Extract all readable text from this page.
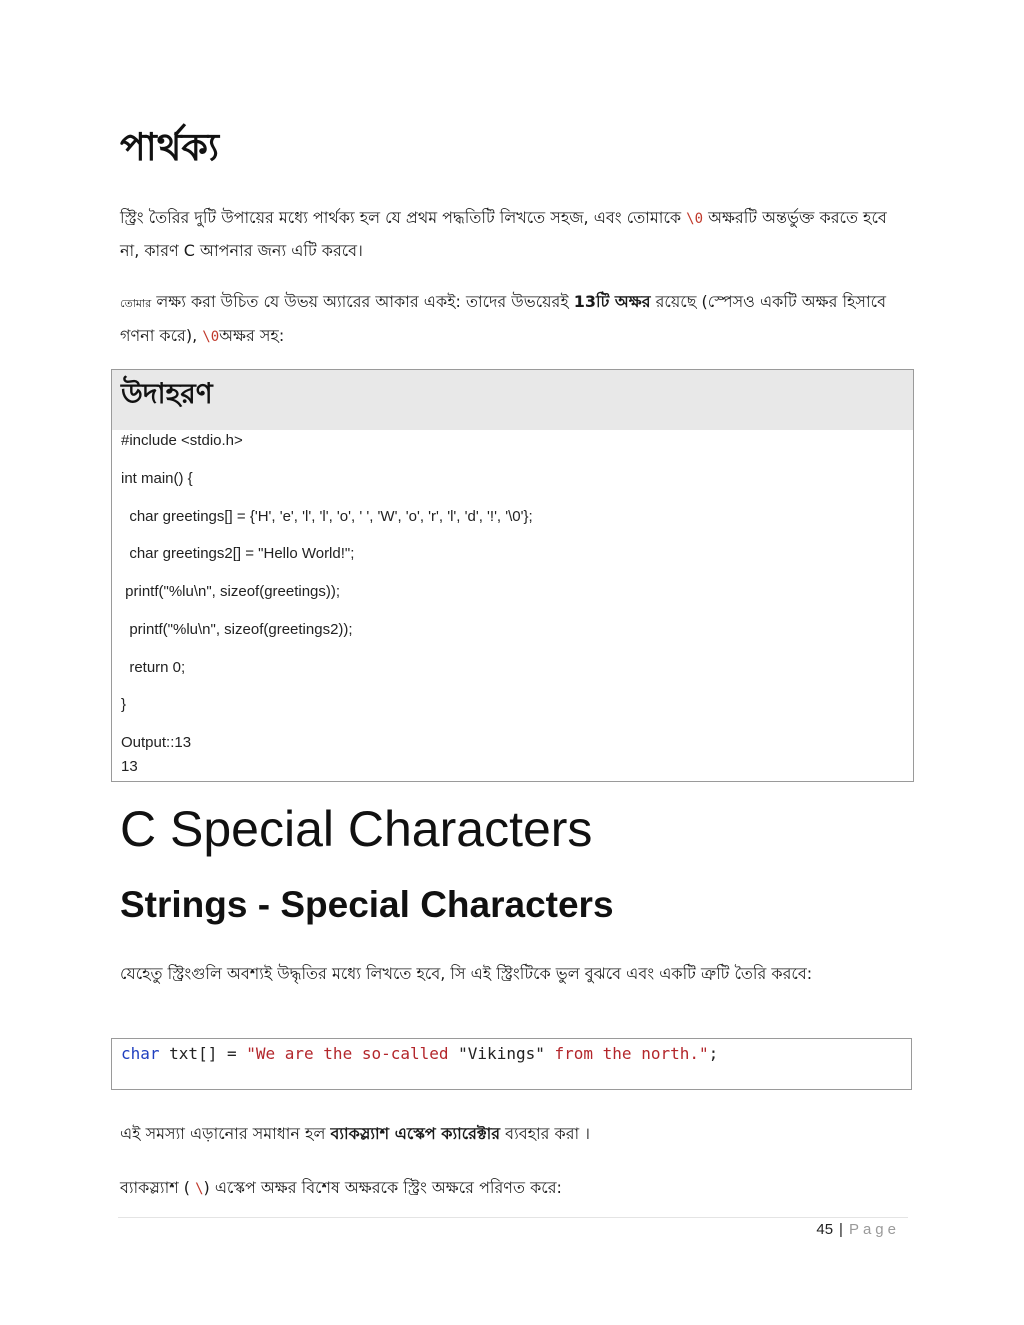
পার্থক্য

স্ট্রিং তৈরির দুটি উপায়ের মধ্যে পার্থক্য হল যে প্রথম পদ্ধতিটি লিখতে সহজ, এবং তোমাকে \0 অক্ষরটি অন্তর্ভুক্ত করতে হবে না, কারণ C আপনার জন্য এটি করবে।

তোমার লক্ষ্য করা উচিত যে উভয় অ্যারের আকার একই: তাদের উভয়েরই 13টি অক্ষর রয়েছে (স্পেসও একটি অক্ষর হিসাবে গণনা করে), \0অক্ষর সহ:

উদাহরণ

#include <stdio.h>

int main() {

char greetings[] = {'H', 'e', 'l', 'l', 'o', ' ', 'W', 'o', 'r', 'l', 'd', '!', '\0'};

char greetings2[] = "Hello World!";

printf("%lu\n", sizeof(greetings));

printf("%lu\n", sizeof(greetings2));

return 0;

}

Output::13

13

C Special Characters
Strings - Special Characters

যেহেতু স্ট্রিংগুলি অবশ্যই উদ্ধৃতির মধ্যে লিখতে হবে, সি এই স্ট্রিংটিকে ভুল বুঝবে এবং একটি ত্রুটি তৈরি করবে:

char txt[] = "We are the so-called "Vikings" from the north.";

এই সমস্যা এড়ানোর সমাধান হল ব্যাকস্ল্যাশ এস্কেপ ক্যারেক্টার ব্যবহার করা ।

ব্যাকস্ল্যাশ ( \) এস্কেপ অক্ষর বিশেষ অক্ষরকে স্ট্রিং অক্ষরে পরিণত করে:

45 | Page
